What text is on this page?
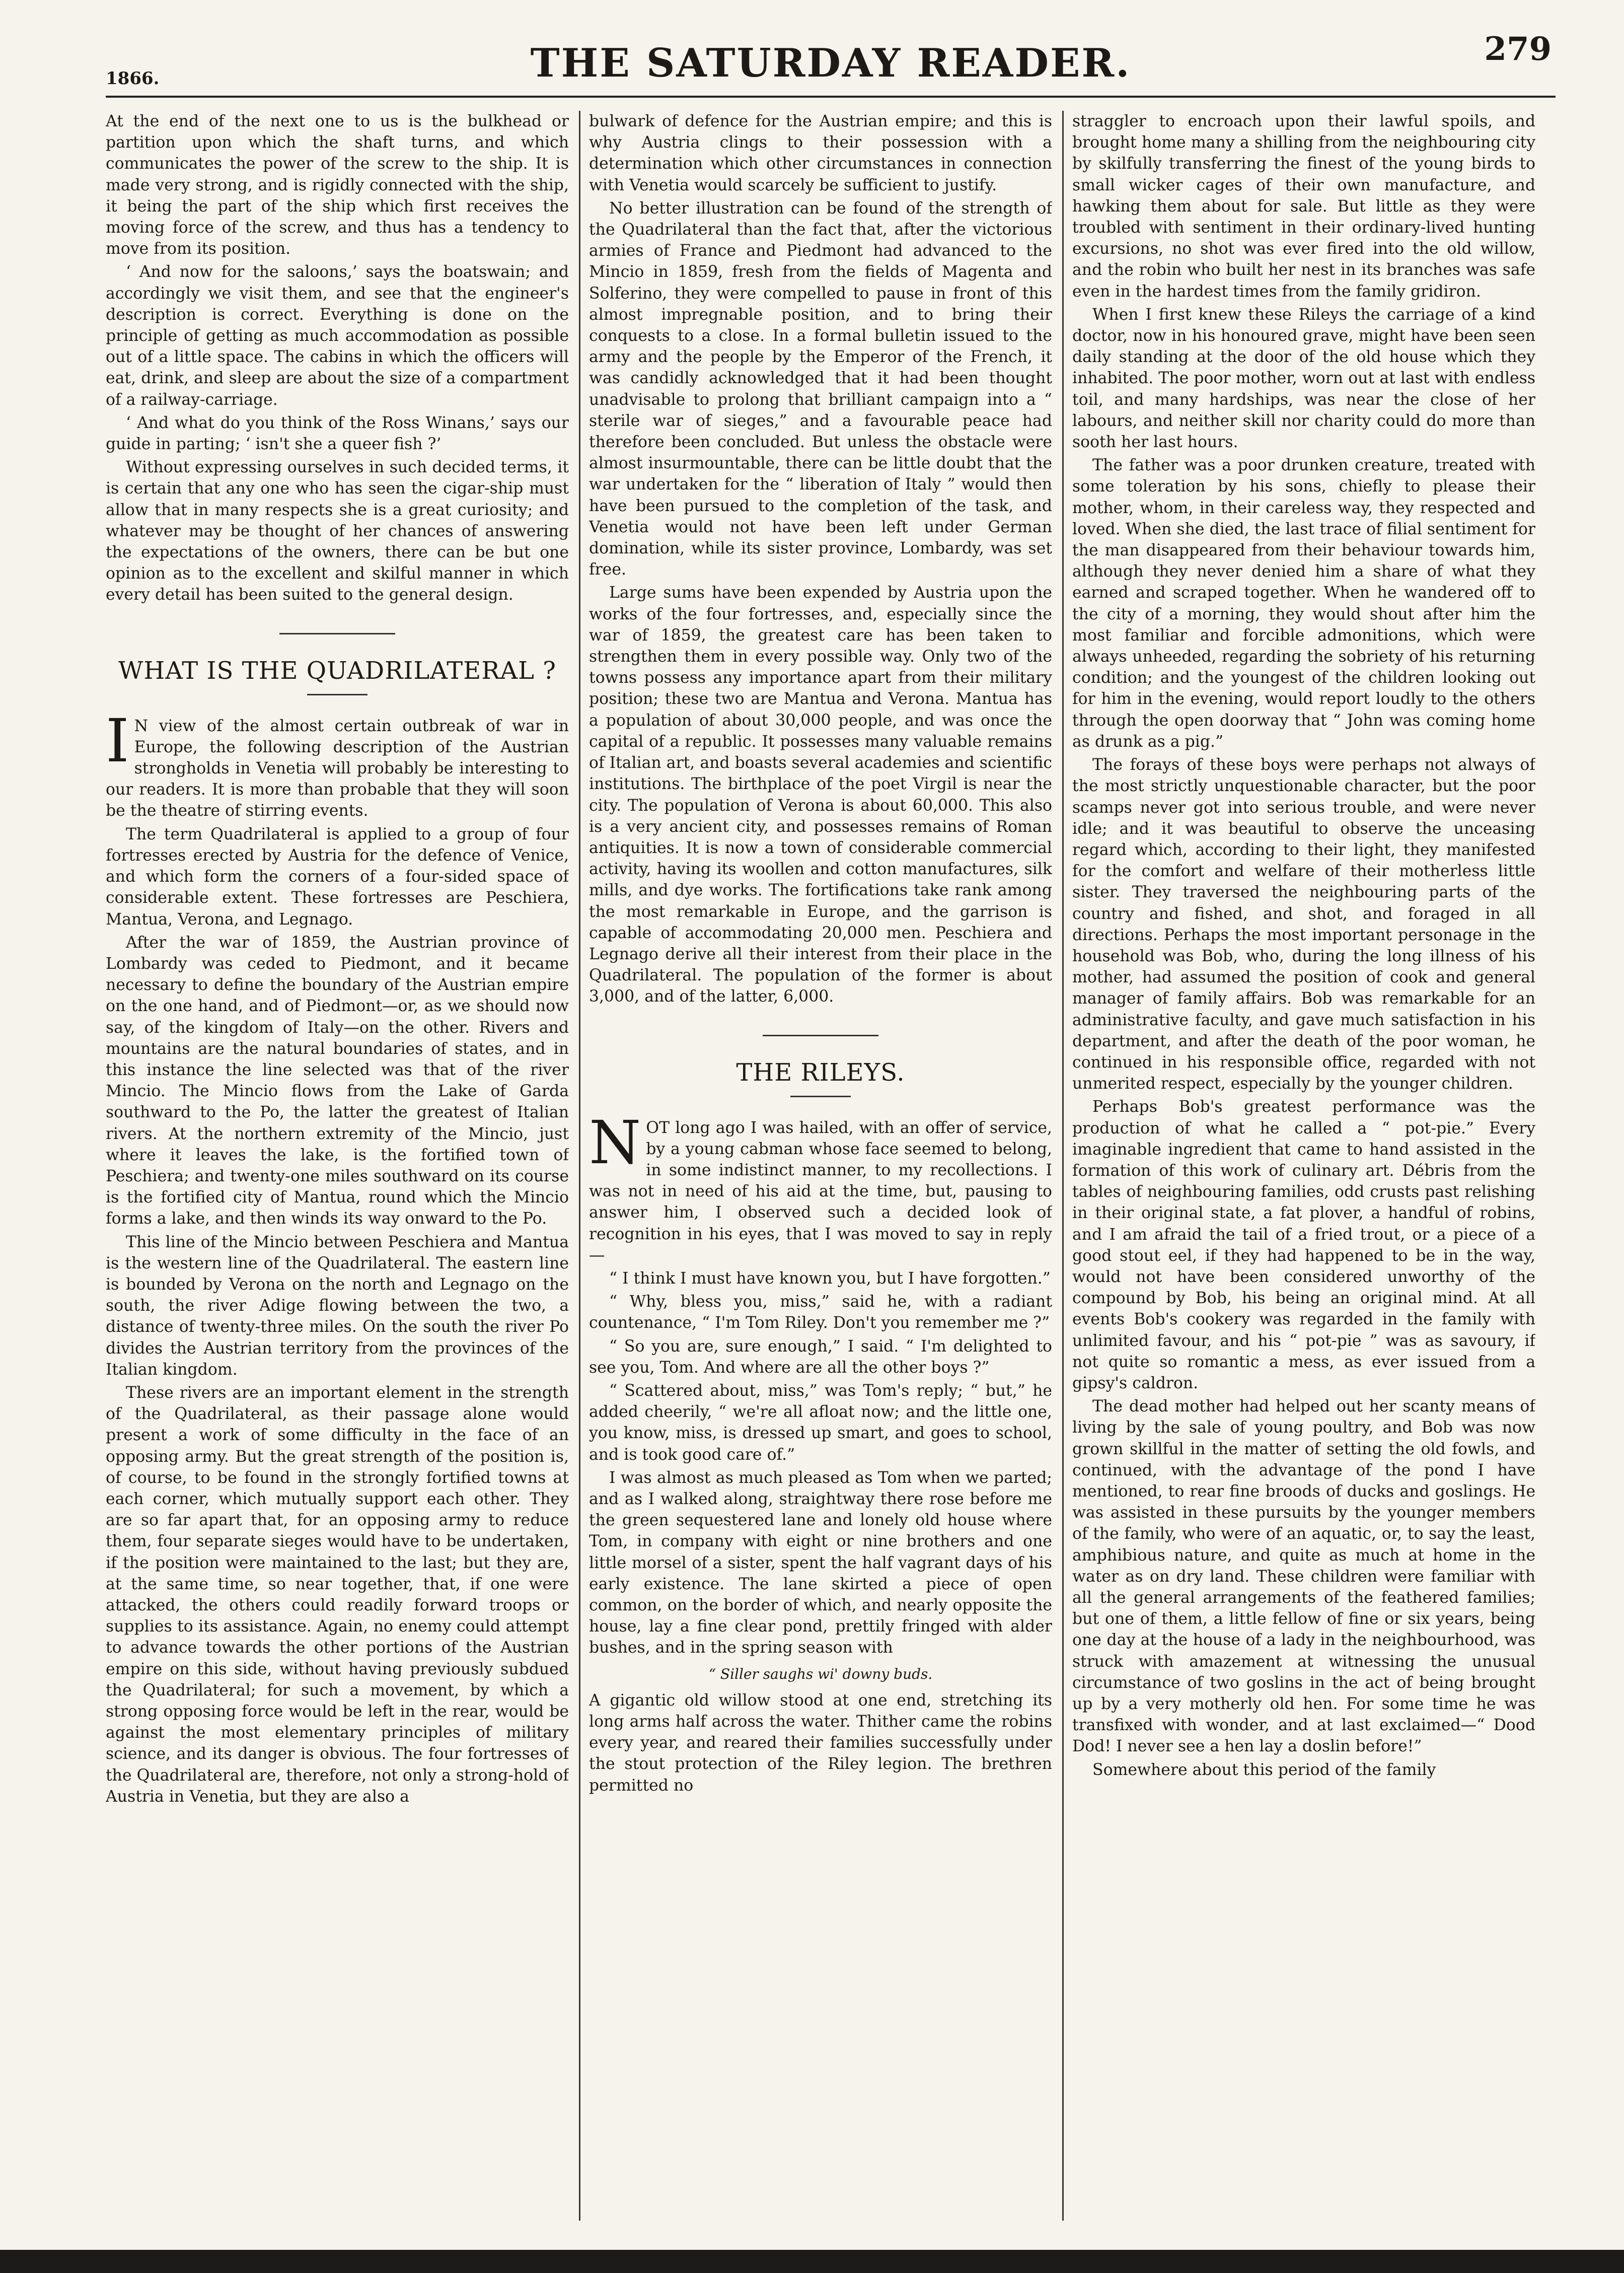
1866.	THE SATURDAY READER.	279

At the end of the next one to us is the bulkhead or partition upon which the shaft turns, and which communicates the power of the screw to the ship. It is made very strong, and is rigidly connected with the ship, it being the part of the ship which first receives the moving force of the screw, and thus has a tendency to move from its position.

‘ And now for the saloons,’ says the boatswain; and accordingly we visit them, and see that the engineer's description is correct. Everything is done on the principle of getting as much accommodation as possible out of a little space. The cabins in which the officers will eat, drink, and sleep are about the size of a compartment of a railway-carriage.

‘ And what do you think of the Ross Winans,’ says our guide in parting; ‘ isn't she a queer fish ?’

Without expressing ourselves in such decided terms, it is certain that any one who has seen the cigar-ship must allow that in many respects she is a great curiosity; and whatever may be thought of her chances of answering the expectations of the owners, there can be but one opinion as to the excellent and skilful manner in which every detail has been suited to the general design.

WHAT IS THE QUADRILATERAL ?

I N view of the almost certain outbreak of war in Europe, the following description of the Austrian strongholds in Venetia will probably be interesting to our readers. It is more than probable that they will soon be the theatre of stirring events.

The term Quadrilateral is applied to a group of four fortresses erected by Austria for the defence of Venice, and which form the corners of a four-sided space of considerable extent. These fortresses are Peschiera, Mantua, Verona, and Legnago.

After the war of 1859, the Austrian province of Lombardy was ceded to Piedmont, and it became necessary to define the boundary of the Austrian empire on the one hand, and of Piedmont—or, as we should now say, of the kingdom of Italy—on the other. Rivers and mountains are the natural boundaries of states, and in this instance the line selected was that of the river Mincio. The Mincio flows from the Lake of Garda southward to the Po, the latter the greatest of Italian rivers. At the northern extremity of the Mincio, just where it leaves the lake, is the fortified town of Peschiera; and twenty-one miles southward on its course is the fortified city of Mantua, round which the Mincio forms a lake, and then winds its way onward to the Po.

This line of the Mincio between Peschiera and Mantua is the western line of the Quadrilateral. The eastern line is bounded by Verona on the north and Legnago on the south, the river Adige flowing between the two, a distance of twenty-three miles. On the south the river Po divides the Austrian territory from the provinces of the Italian kingdom.

These rivers are an important element in the strength of the Quadrilateral, as their passage alone would present a work of some difficulty in the face of an opposing army. But the great strength of the position is, of course, to be found in the strongly fortified towns at each corner, which mutually support each other. They are so far apart that, for an opposing army to reduce them, four separate sieges would have to be undertaken, if the position were maintained to the last; but they are, at the same time, so near together, that, if one were attacked, the others could readily forward troops or supplies to its assistance. Again, no enemy could attempt to advance towards the other portions of the Austrian empire on this side, without having previously subdued the Quadrilateral; for such a movement, by which a strong opposing force would be left in the rear, would be against the most elementary principles of military science, and its danger is obvious. The four fortresses of the Quadrilateral are, therefore, not only a strong-hold of Austria in Venetia, but they are also a

bulwark of defence for the Austrian empire; and this is why Austria clings to their possession with a determination which other circumstances in connection with Venetia would scarcely be sufficient to justify.

No better illustration can be found of the strength of the Quadrilateral than the fact that, after the victorious armies of France and Piedmont had advanced to the Mincio in 1859, fresh from the fields of Magenta and Solferino, they were compelled to pause in front of this almost impregnable position, and to bring their conquests to a close. In a formal bulletin issued to the army and the people by the Emperor of the French, it was candidly acknowledged that it had been thought unadvisable to prolong that brilliant campaign into a “ sterile war of sieges,” and a favourable peace had therefore been concluded. But unless the obstacle were almost insurmountable, there can be little doubt that the war undertaken for the “ liberation of Italy ” would then have been pursued to the completion of the task, and Venetia would not have been left under German domination, while its sister province, Lombardy, was set free.

Large sums have been expended by Austria upon the works of the four fortresses, and, especially since the war of 1859, the greatest care has been taken to strengthen them in every possible way. Only two of the towns possess any importance apart from their military position; these two are Mantua and Verona. Mantua has a population of about 30,000 people, and was once the capital of a republic. It possesses many valuable remains of Italian art, and boasts several academies and scientific institutions. The birthplace of the poet Virgil is near the city. The population of Verona is about 60,000. This also is a very ancient city, and possesses remains of Roman antiquities. It is now a town of considerable commercial activity, having its woollen and cotton manufactures, silk mills, and dye works. The fortifications take rank among the most remarkable in Europe, and the garrison is capable of accommodating 20,000 men. Peschiera and Legnago derive all their interest from their place in the Quadrilateral. The population of the former is about 3,000, and of the latter, 6,000.

THE RILEYS.

NOT long ago I was hailed, with an offer of service, by a young cabman whose face seemed to belong, in some indistinct manner, to my recollections. I was not in need of his aid at the time, but, pausing to answer him, I observed such a decided look of recognition in his eyes, that I was moved to say in reply—

“ I think I must have known you, but I have forgotten.”

“ Why, bless you, miss,” said he, with a radiant countenance, “ I'm Tom Riley. Don't you remember me ?”

“ So you are, sure enough,” I said. “ I'm delighted to see you, Tom. And where are all the other boys ?”

“ Scattered about, miss,” was Tom's reply; “ but,” he added cheerily, “ we're all afloat now; and the little one, you know, miss, is dressed up smart, and goes to school, and is took good care of.”

I was almost as much pleased as Tom when we parted; and as I walked along, straightway there rose before me the green sequestered lane and lonely old house where Tom, in company with eight or nine brothers and one little morsel of a sister, spent the half vagrant days of his early existence. The lane skirted a piece of open common, on the border of which, and nearly opposite the house, lay a fine clear pond, prettily fringed with alder bushes, and in the spring season with

“ Siller saughs wi' downy buds.

A gigantic old willow stood at one end, stretching its long arms half across the water. Thither came the robins every year, and reared their families successfully under the stout protection of the Riley legion. The brethren permitted no

straggler to encroach upon their lawful spoils, and brought home many a shilling from the neighbouring city by skilfully transferring the finest of the young birds to small wicker cages of their own manufacture, and hawking them about for sale. But little as they were troubled with sentiment in their ordinary-lived hunting excursions, no shot was ever fired into the old willow, and the robin who built her nest in its branches was safe even in the hardest times from the family gridiron.

When I first knew these Rileys the carriage of a kind doctor, now in his honoured grave, might have been seen daily standing at the door of the old house which they inhabited. The poor mother, worn out at last with endless toil, and many hardships, was near the close of her labours, and neither skill nor charity could do more than sooth her last hours.

The father was a poor drunken creature, treated with some toleration by his sons, chiefly to please their mother, whom, in their careless way, they respected and loved. When she died, the last trace of filial sentiment for the man disappeared from their behaviour towards him, although they never denied him a share of what they earned and scraped together. When he wandered off to the city of a morning, they would shout after him the most familiar and forcible admonitions, which were always unheeded, regarding the sobriety of his returning condition; and the youngest of the children looking out for him in the evening, would report loudly to the others through the open doorway that “ John was coming home as drunk as a pig.”

The forays of these boys were perhaps not always of the most strictly unquestionable character, but the poor scamps never got into serious trouble, and were never idle; and it was beautiful to observe the unceasing regard which, according to their light, they manifested for the comfort and welfare of their motherless little sister. They traversed the neighbouring parts of the country and fished, and shot, and foraged in all directions. Perhaps the most important personage in the household was Bob, who, during the long illness of his mother, had assumed the position of cook and general manager of family affairs. Bob was remarkable for an administrative faculty, and gave much satisfaction in his department, and after the death of the poor woman, he continued in his responsible office, regarded with not unmerited respect, especially by the younger children.

Perhaps Bob's greatest performance was the production of what he called a “ pot-pie.” Every imaginable ingredient that came to hand assisted in the formation of this work of culinary art. Débris from the tables of neighbouring families, odd crusts past relishing in their original state, a fat plover, a handful of robins, and I am afraid the tail of a fried trout, or a piece of a good stout eel, if they had happened to be in the way, would not have been considered unworthy of the compound by Bob, his being an original mind. At all events Bob's cookery was regarded in the family with unlimited favour, and his “ pot-pie ” was as savoury, if not quite so romantic a mess, as ever issued from a gipsy's caldron.

The dead mother had helped out her scanty means of living by the sale of young poultry, and Bob was now grown skillful in the matter of setting the old fowls, and continued, with the advantage of the pond I have mentioned, to rear fine broods of ducks and goslings. He was assisted in these pursuits by the younger members of the family, who were of an aquatic, or, to say the least, amphibious nature, and quite as much at home in the water as on dry land. These children were familiar with all the general arrangements of the feathered families; but one of them, a little fellow of fine or six years, being one day at the house of a lady in the neighbourhood, was struck with amazement at witnessing the unusual circumstance of two goslins in the act of being brought up by a very motherly old hen. For some time he was transfixed with wonder, and at last exclaimed—“ Dood Dod! I never see a hen lay a doslin before!”

Somewhere about this period of the family
